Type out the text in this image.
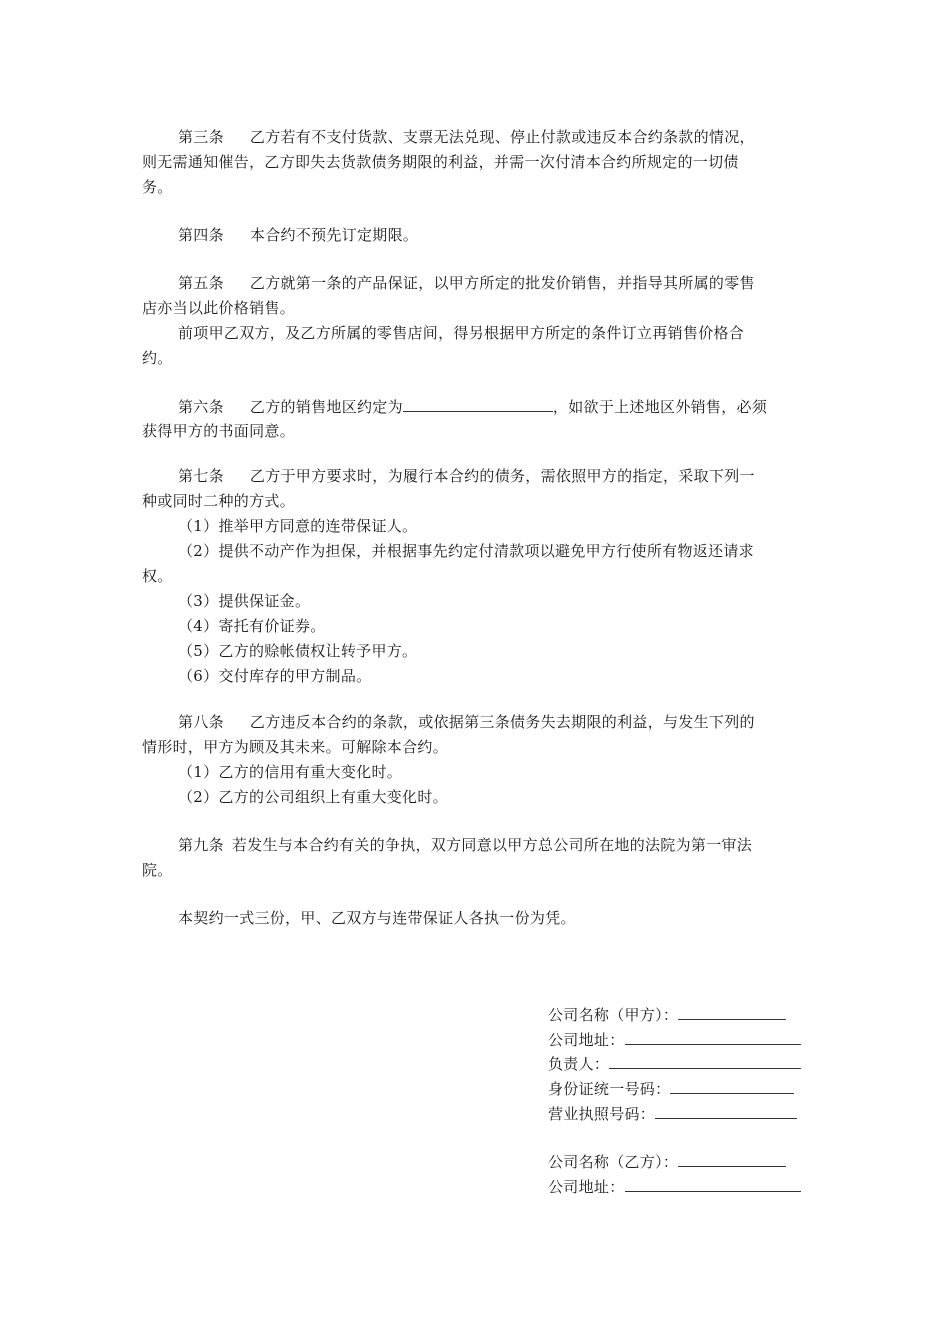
第三条 乙方若有不支付货款、支票无法兑现、停止付款或违反本合约条款的情况，
则无需通知催告，乙方即失去货款债务期限的利益，并需一次付清本合约所规定的一切债
务。
第四条 本合约不预先订定期限。
第五条 乙方就第一条的产品保证，以甲方所定的批发价销售，并指导其所属的零售
店亦当以此价格销售。
前项甲乙双方，及乙方所属的零售店间，得另根据甲方所定的条件订立再销售价格合
约。
第六条 乙方的销售地区约定为	，如欲于上述地区外销售，必须
获得甲方的书面同意。
第七条 乙方于甲方要求时，为履行本合约的债务，需依照甲方的指定，采取下列一
种或同时二种的方式。
（1）推举甲方同意的连带保证人。
（2）提供不动产作为担保，并根据事先约定付清款项以避免甲方行使所有物返还请求
权。
（3）提供保证金。
（4）寄托有价证券。
（5）乙方的赊帐债权让转予甲方。
（6）交付库存的甲方制品。
第八条 乙方违反本合约的条款，或依据第三条债务失去期限的利益，与发生下列的
情形时，甲方为顾及其未来。可解除本合约。
（1）乙方的信用有重大变化时。
（2）乙方的公司组织上有重大变化时。
第九条 若发生与本合约有关的争执，双方同意以甲方总公司所在地的法院为第一审法
院。
本契约一式三份，甲、乙双方与连带保证人各执一份为凭。
公司名称（甲方）：
公司地址：
负责人：
身份证统一号码：
营业执照号码：
公司名称（乙方）：
公司地址：
